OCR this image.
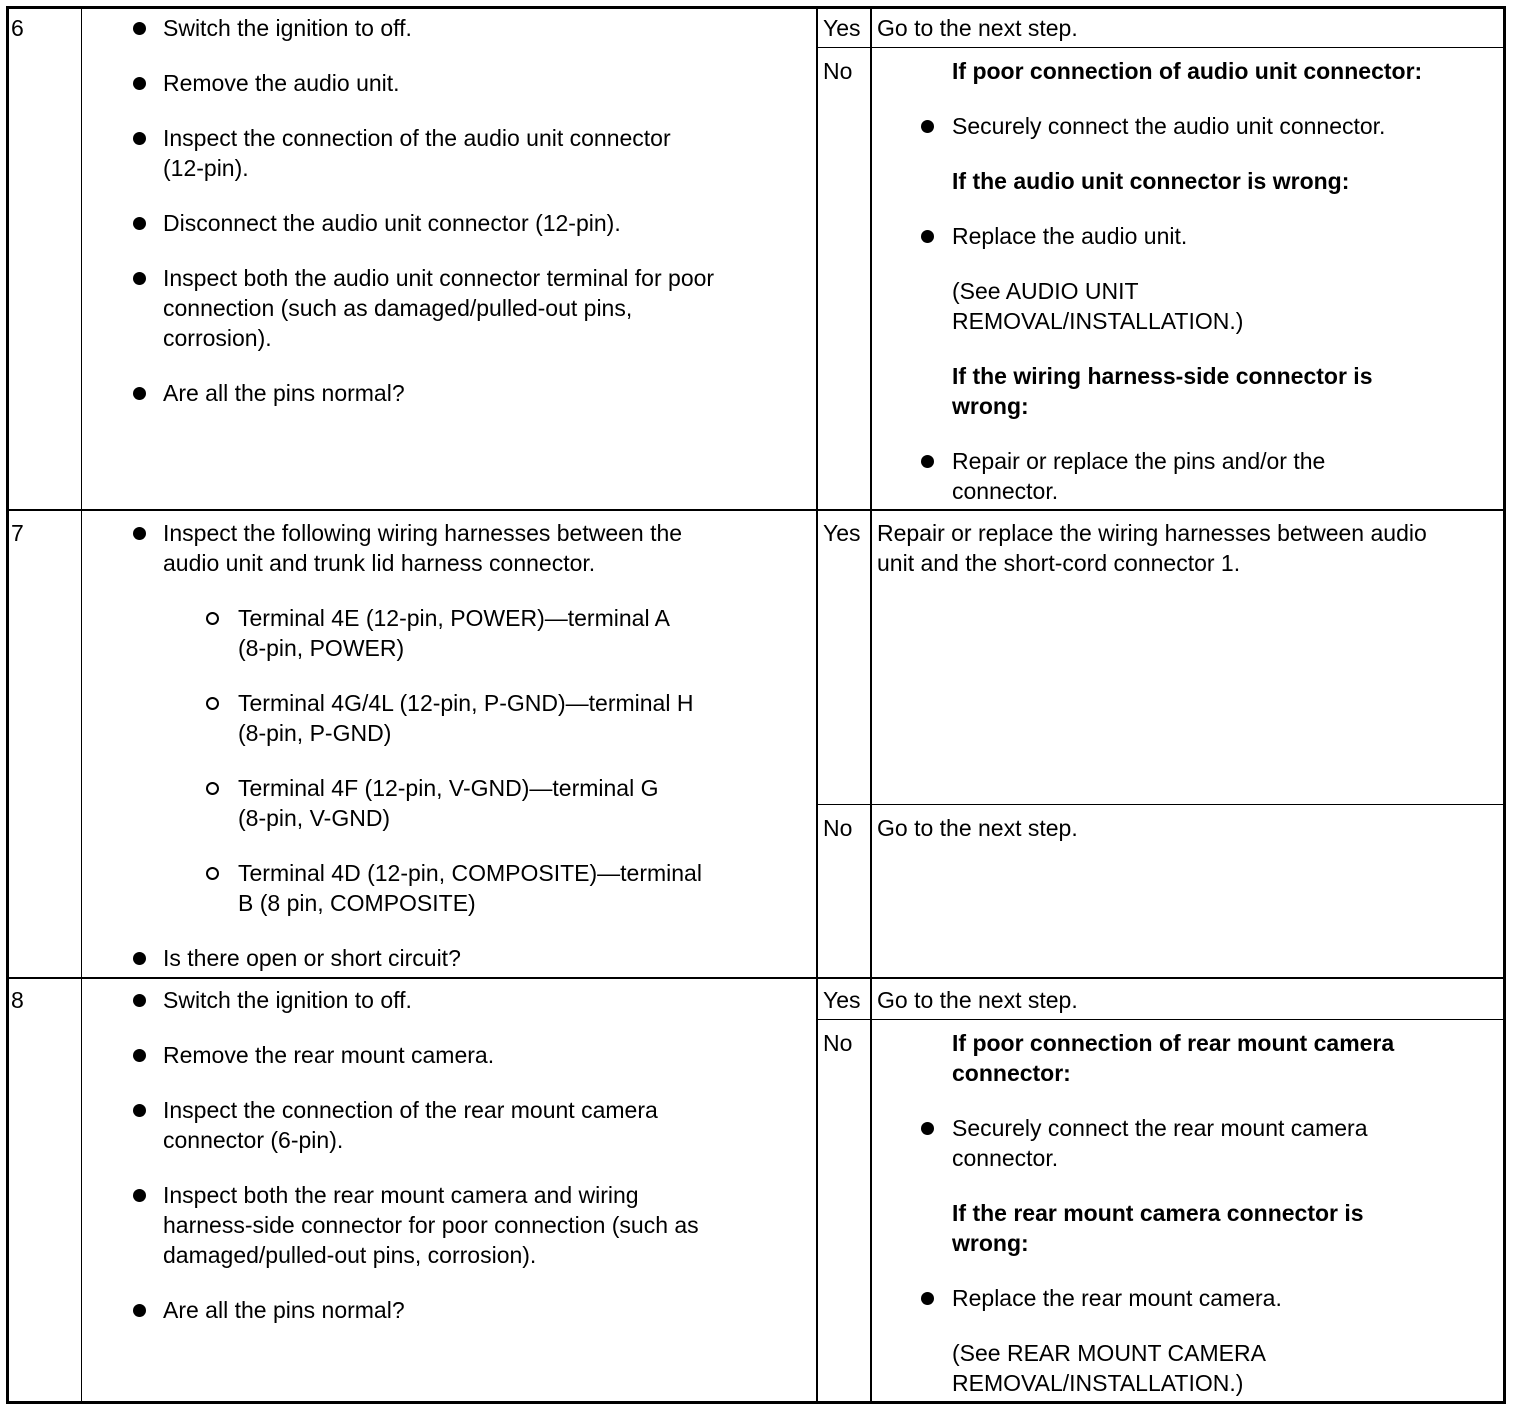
6	Switch the ignition to off.
Remove the audio unit.
Inspect the connection of the audio unit connector
(12-pin).
Disconnect the audio unit connector (12-pin).
Inspect both the audio unit connector terminal for poor
connection (such as damaged/pulled-out pins,
corrosion).
Are all the pins normal?
Yes Go to the next step.
No	If poor connection of audio unit connector:
Securely connect the audio unit connector.
If the audio unit connector is wrong:
Replace the audio unit.
(See AUDIO UNIT
REMOVAL/INSTALLATION.)
If the wiring harness-side connector is
wrong:
Repair or replace the pins and/or the
connector.
7	Inspect the following wiring harnesses between the
audio unit and trunk lid harness connector.
Terminal 4E (12-pin, POWER)—terminal A
(8-pin, POWER)
Terminal 4G/4L (12-pin, P-GND)—terminal H
(8-pin, P-GND)
Terminal 4F (12-pin, V-GND)—terminal G
(8-pin, V-GND)
Terminal 4D (12-pin, COMPOSITE)—terminal
B (8 pin, COMPOSITE)
Is there open or short circuit?
Yes Repair or replace the wiring harnesses between audio
unit and the short-cord connector 1.
No Go to the next step.
8	Switch the ignition to off.
Remove the rear mount camera.
Inspect the connection of the rear mount camera
connector (6-pin).
Inspect both the rear mount camera and wiring
harness-side connector for poor connection (such as
damaged/pulled-out pins, corrosion).
Are all the pins normal?
Yes Go to the next step.
No	If poor connection of rear mount camera
connector:
Securely connect the rear mount camera
connector.
If the rear mount camera connector is
wrong:
Replace the rear mount camera.
(See REAR MOUNT CAMERA
REMOVAL/INSTALLATION.)
